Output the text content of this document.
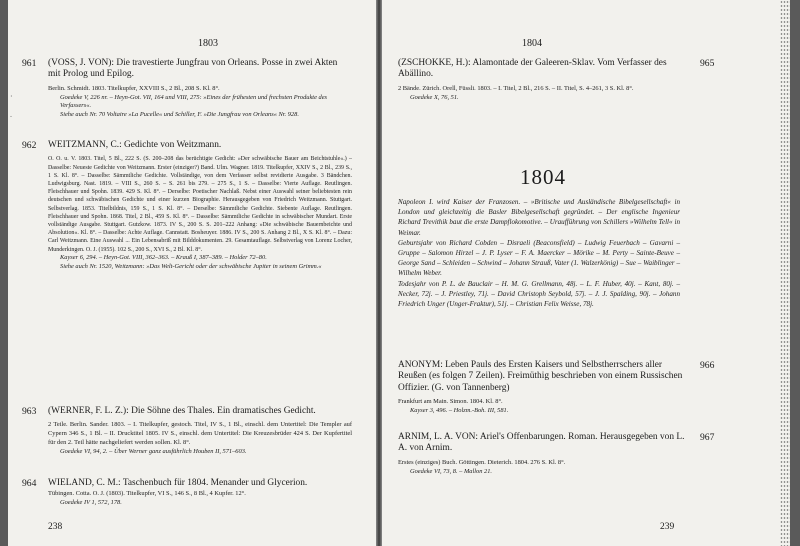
·
∙
1803
961 (VOSS, J. VON): Die travestierte Jungfrau von Orleans. Posse in zwei Akten mit Prolog und Epilog.
Berlin. Schmidt. 1803. Titelkupfer, XXVIII S., 2 Bl., 208 S. Kl. 8°.
Goedeke V, 226 nr. – Heyn-Got. VII, 164 und VIII, 275: »Eines der frühesten und frechsten Produkte des Verfassers«.
Siehe auch Nr. 70 Voltaire »La Pucelle« und Schiller, F. »Die Jungfrau von Orleans« Nr. 928.
962 WEITZMANN, C.: Gedichte von Weitzmann.
O. O. u. V. 1803. Titel, 5 Bl., 222 S. (S. 200–208 das berüchtigte Gedicht: »Der schwäbische Bauer am Beichtstuhle«.) – Dasselbe: Neueste Gedichte von Weitzmann. Erster (einziger?) Band. Ulm. Wagner. 1819. Titelkupfer, XXIV S., 2 Bl., 239 S., 1 S. Kl. 8°. – Dasselbe: Sämmtliche Gedichte. Vollständige, von dem Verfasser selbst revidierte Ausgabe. 3 Bändchen. Ludwigsburg. Nast. 1819. – VIII S., 260 S. – S. 261 bis 279. – 275 S., 1 S. – Dasselbe: Vierte Auflage. Reutlingen. Fleischhauer und Spohn. 1839. 429 S. Kl. 8°. – Derselbe: Poetischer Nachlaß. Nebst einer Auswahl seiner beliebtesten rein deutschen und schwäbischen Gedichte und einer kurzen Biographie. Herausgegeben von Friedrich Weitzmann. Stuttgart. Selbstverlag. 1853. Titelbildnis, 159 S., 1 S. Kl. 8°. – Derselbe: Sämmtliche Gedichte. Siebente Auflage. Reutlingen. Fleischhauer und Spohn. 1868. Titel, 2 Bl., 459 S. Kl. 8°. – Dasselbe: Sämmtliche Gedichte in schwäbischer Mundart. Erste vollständige Ausgabe. Stuttgart. Gutzkow. 1873. IV S., 200 S. S. 201–222 Anhang: »Die schwäbische Bauernbeichte und Absolution«. Kl. 8°. – Dasselbe: Achte Auflage. Cannstatt. Bosheuyer. 1886. IV S., 200 S. Anhang 2 Bl., X S. Kl. 8°. – Dazu: Carl Weitzmann. Eine Auswahl ... Ein Lebensabriß mit Bilddokumenten. 29. Gesamtauflage. Selbstverlag von Lorenz Locher, Munderkingen. O. J. (1955). 102 S., 200 S., XVI S., 2 Bl. Kl. 8°.
Kayser 6, 294. – Heyn-Got. VIII, 362–363. – Krauß I, 387–389. – Holder 72–80.
Siehe auch Nr. 1520, Weitzmann: »Das Welt-Gericht oder der schwäbische Jupiter in seinem Grimm.«
963 (WERNER, F. L. Z.): Die Söhne des Thales. Ein dramatisches Gedicht.
2 Teile. Berlin. Sander. 1803. – I. Titelkupfer, gestoch. Titel, IV S., 1 Bl., einschl. dem Untertitel: Die Templer auf Cypern 346 S., 1 Bl. – II. Drucktitel 1805. IV S., einschl. dem Untertitel: Die Kreuzesbrüder 424 S. Der Kupfertitel für den 2. Teil hätte nachgeliefert werden sollen. Kl. 8°.
Goedeke VI, 94, 2. – Über Werner ganz ausführlich Houben II, 571–603.
964 WIELAND, C. M.: Taschenbuch für 1804. Menander und Glycerion.
Tübingen. Cotta. O. J. (1803). Titelkupfer, VI S., 146 S., 8 Bl., 4 Kupfer. 12°.
Goedeke IV 1, 572, 178.
238
1804
965
(ZSCHOKKE, H.): Alamontade der Galeeren-Sklav. Vom Verfasser des Abällino.
2 Bände. Zürich. Orell, Füssli. 1803. – I. Titel, 2 Bl., 216 S. – II. Titel, S. 4–261, 3 S. Kl. 8°.
Goedeke X, 76, 51.
1804

Napoleon I. wird Kaiser der Franzosen. – »Britische und Ausländische Bibelgesellschaft« in London und gleichzeitig die Basler Bibelgesellschaft gegründet. – Der englische Ingenieur Richard Trevithik baut die erste Dampflokomotive. – Uraufführung von Schillers »Wilhelm Tell« in Weimar.

Geburtsjahr von Richard Cobden – Disraeli (Beaconsfield) – Ludwig Feuerbach – Gavarni – Gruppe – Salomon Hirzel – J. P. Lyser – F. A. Maercker – Mörike – M. Perty – Sainte-Beuve – George Sand – Schleiden – Schwind – Johann Strauß, Vater (1. Walzerkönig) – Sue – Waiblinger – Wilhelm Weber.

Todesjahr von P. L. de Bauclair – H. M. G. Grellmann, 48j. – L. F. Huber, 40j. – Kant, 80j. – Necker, 72j. – J. Priestley, 71j. – David Christoph Seybold, 57j. – J. J. Spalding, 90j. – Johann Friedrich Unger (Unger-Fraktur), 51j. – Christian Felix Weisse, 78j.

966
ANONYM: Leben Pauls des Ersten Kaisers und Selbstherrschers aller Reußen (es folgen 7 Zeilen). Freimüthig beschrieben von einem Russischen Offizier. (G. von Tannenberg)
Frankfurt am Main. Simon. 1804. Kl. 8°.
Kayser 3, 496. – Holzm.-Boh. III, 581.
967
ARNIM, L. A. VON: Ariel's Offenbarungen. Roman. Herausgegeben von L. A. von Arnim.
Erstes (einziges) Buch. Göttingen. Dieterich. 1804. 276 S. Kl. 8°.
Goedeke VI, 73, 8. – Mallon 21.
239
